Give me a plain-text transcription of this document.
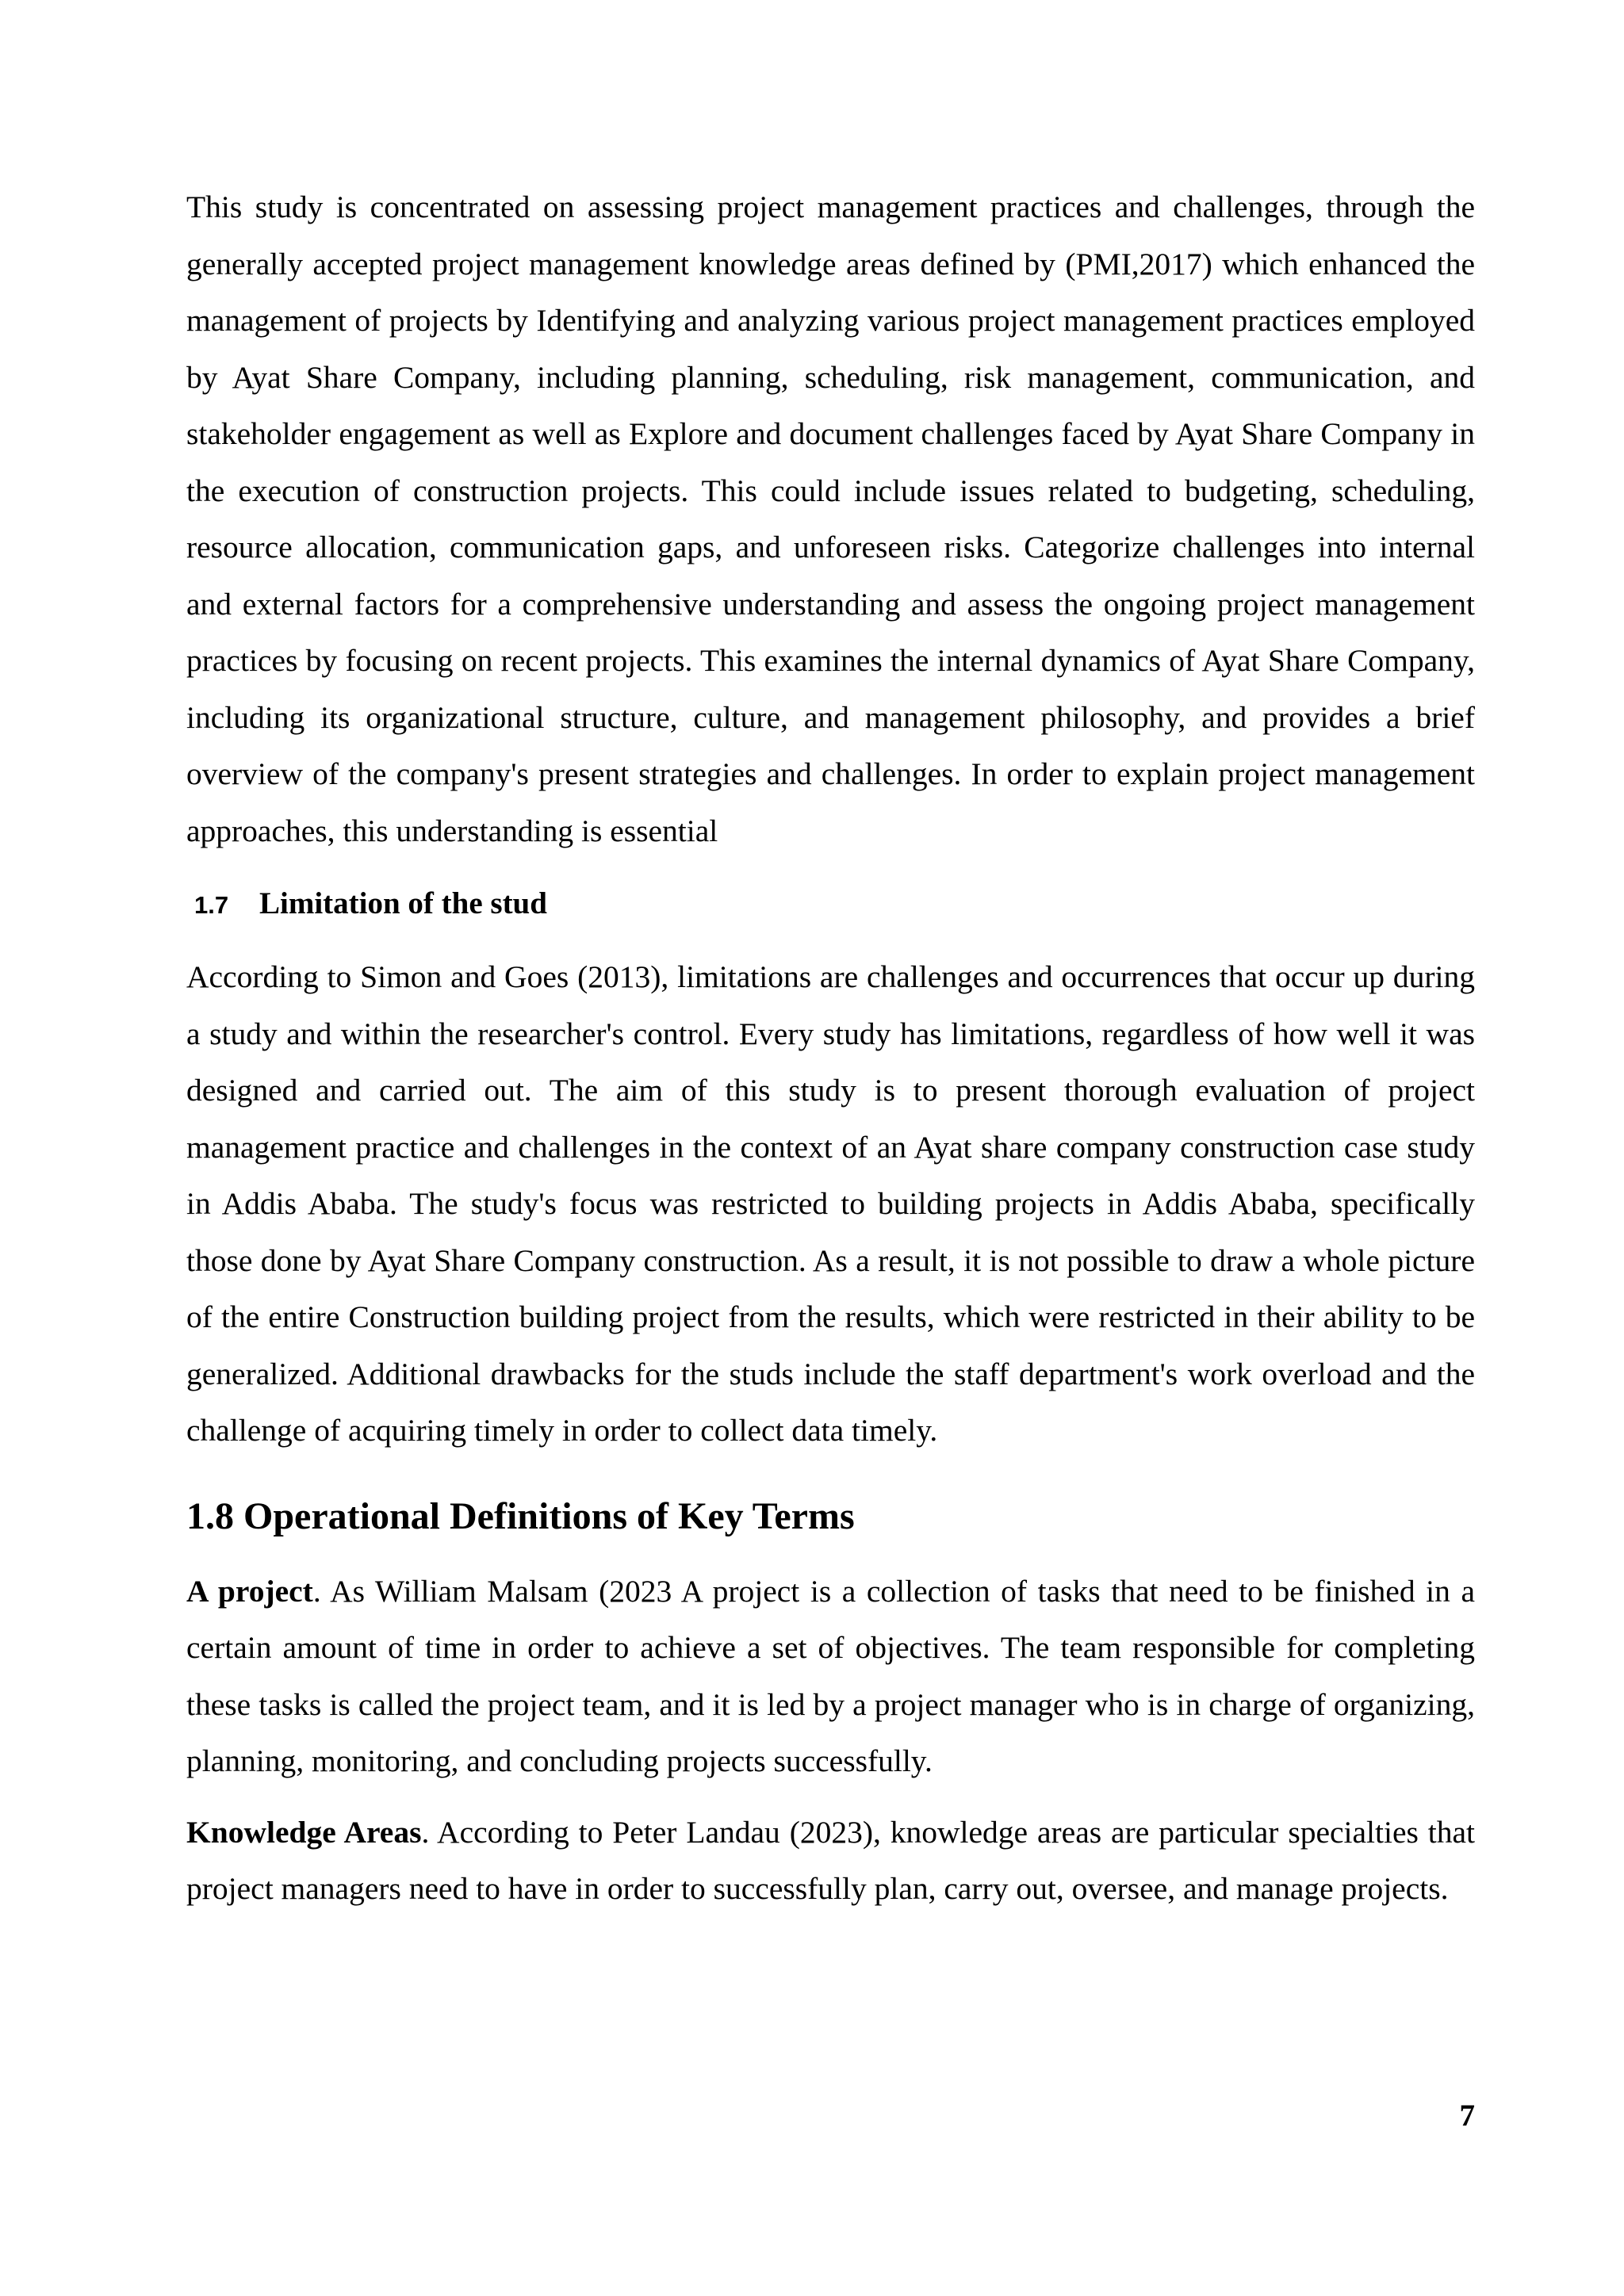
This study is concentrated on assessing project management practices and challenges, through the generally accepted project management knowledge areas defined by (PMI,2017) which enhanced the management of projects by Identifying and analyzing various project management practices employed by Ayat Share Company, including planning, scheduling, risk management, communication, and stakeholder engagement as well as Explore and document challenges faced by Ayat Share Company in the execution of construction projects. This could include issues related to budgeting, scheduling, resource allocation, communication gaps, and unforeseen risks. Categorize challenges into internal and external factors for a comprehensive understanding and assess the ongoing project management practices by focusing on recent projects. This examines the internal dynamics of Ayat Share Company, including its organizational structure, culture, and management philosophy, and provides a brief overview of the company's present strategies and challenges. In order to explain project management approaches, this understanding is essential

1.7 Limitation of the stud

According to Simon and Goes (2013), limitations are challenges and occurrences that occur up during a study and within the researcher's control. Every study has limitations, regardless of how well it was designed and carried out. The aim of this study is to present thorough evaluation of project management practice and challenges in the context of an Ayat share company construction case study in Addis Ababa. The study's focus was restricted to building projects in Addis Ababa, specifically those done by Ayat Share Company construction. As a result, it is not possible to draw a whole picture of the entire Construction building project from the results, which were restricted in their ability to be generalized. Additional drawbacks for the studs include the staff department's work overload and the challenge of acquiring timely in order to collect data timely.

1.8 Operational Definitions of Key Terms

A project. As William Malsam (2023 A project is a collection of tasks that need to be finished in a certain amount of time in order to achieve a set of objectives. The team responsible for completing these tasks is called the project team, and it is led by a project manager who is in charge of organizing, planning, monitoring, and concluding projects successfully.

Knowledge Areas. According to Peter Landau (2023), knowledge areas are particular specialties that project managers need to have in order to successfully plan, carry out, oversee, and manage projects.

7
